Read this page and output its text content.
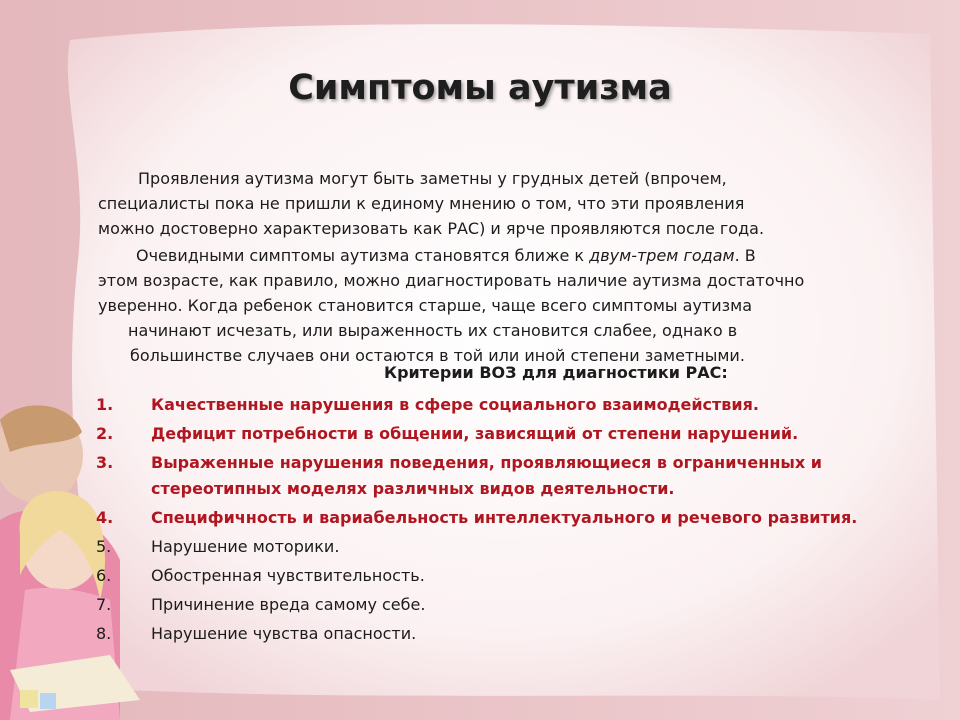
Симптомы аутизма

Проявления аутизма могут быть заметны у грудных детей (впрочем,
специалисты пока не пришли к единому мнению о том, что эти проявления
можно достоверно характеризовать как РАС) и ярче проявляются после года.

Очевидными симптомы аутизма становятся ближе к двум-трем годам. В
этом возрасте, как правило, можно диагностировать наличие аутизма достаточно
уверенно. Когда ребенок становится старше, чаще всего симптомы аутизма
начинают исчезать, или выраженность их становится слабее, однако в
большинстве случаев они остаются в той или иной степени заметными.

Критерии ВОЗ для диагностики РАС:

1. Качественные нарушения в сфере социального взаимодействия.
2. Дефицит потребности в общении, зависящий от степени нарушений.
3. Выраженные нарушения поведения, проявляющиеся в ограниченных и стереотипных моделях различных видов деятельности.
4. Специфичность и вариабельность интеллектуального и речевого развития.
5. Нарушение моторики.
6. Обостренная чувствительность.
7. Причинение вреда самому себе.
8. Нарушение чувства опасности.
